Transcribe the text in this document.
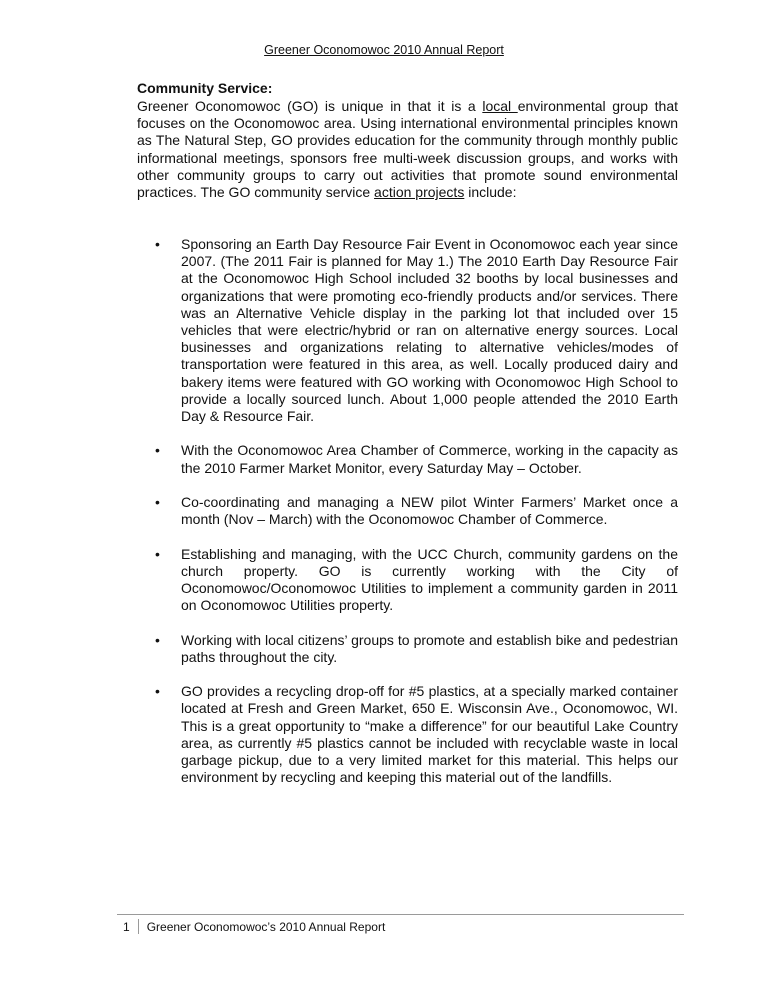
Greener Oconomowoc 2010 Annual Report
Community Service:

Greener Oconomowoc (GO) is unique in that it is a local environmental group that focuses on the Oconomowoc area. Using international environmental principles known as The Natural Step, GO provides education for the community through monthly public informational meetings, sponsors free multi-week discussion groups, and works with other community groups to carry out activities that promote sound environmental practices. The GO community service action projects include:

• Sponsoring an Earth Day Resource Fair Event in Oconomowoc each year since 2007. (The 2011 Fair is planned for May 1.) The 2010 Earth Day Resource Fair at the Oconomowoc High School included 32 booths by local businesses and organizations that were promoting eco-friendly products and/or services. There was an Alternative Vehicle display in the parking lot that included over 15 vehicles that were electric/hybrid or ran on alternative energy sources. Local businesses and organizations relating to alternative vehicles/modes of transportation were featured in this area, as well. Locally produced dairy and bakery items were featured with GO working with Oconomowoc High School to provide a locally sourced lunch. About 1,000 people attended the 2010 Earth Day & Resource Fair.
• With the Oconomowoc Area Chamber of Commerce, working in the capacity as the 2010 Farmer Market Monitor, every Saturday May – October.
• Co-coordinating and managing a NEW pilot Winter Farmers’ Market once a month (Nov – March) with the Oconomowoc Chamber of Commerce.
• Establishing and managing, with the UCC Church, community gardens on the church property. GO is currently working with the City of Oconomowoc/Oconomowoc Utilities to implement a community garden in 2011 on Oconomowoc Utilities property.
• Working with local citizens’ groups to promote and establish bike and pedestrian paths throughout the city.
• GO provides a recycling drop-off for #5 plastics, at a specially marked container located at Fresh and Green Market, 650 E. Wisconsin Ave., Oconomowoc, WI. This is a great opportunity to “make a difference” for our beautiful Lake Country area, as currently #5 plastics cannot be included with recyclable waste in local garbage pickup, due to a very limited market for this material. This helps our environment by recycling and keeping this material out of the landfills.
1	Greener Oconomowoc’s 2010 Annual Report
